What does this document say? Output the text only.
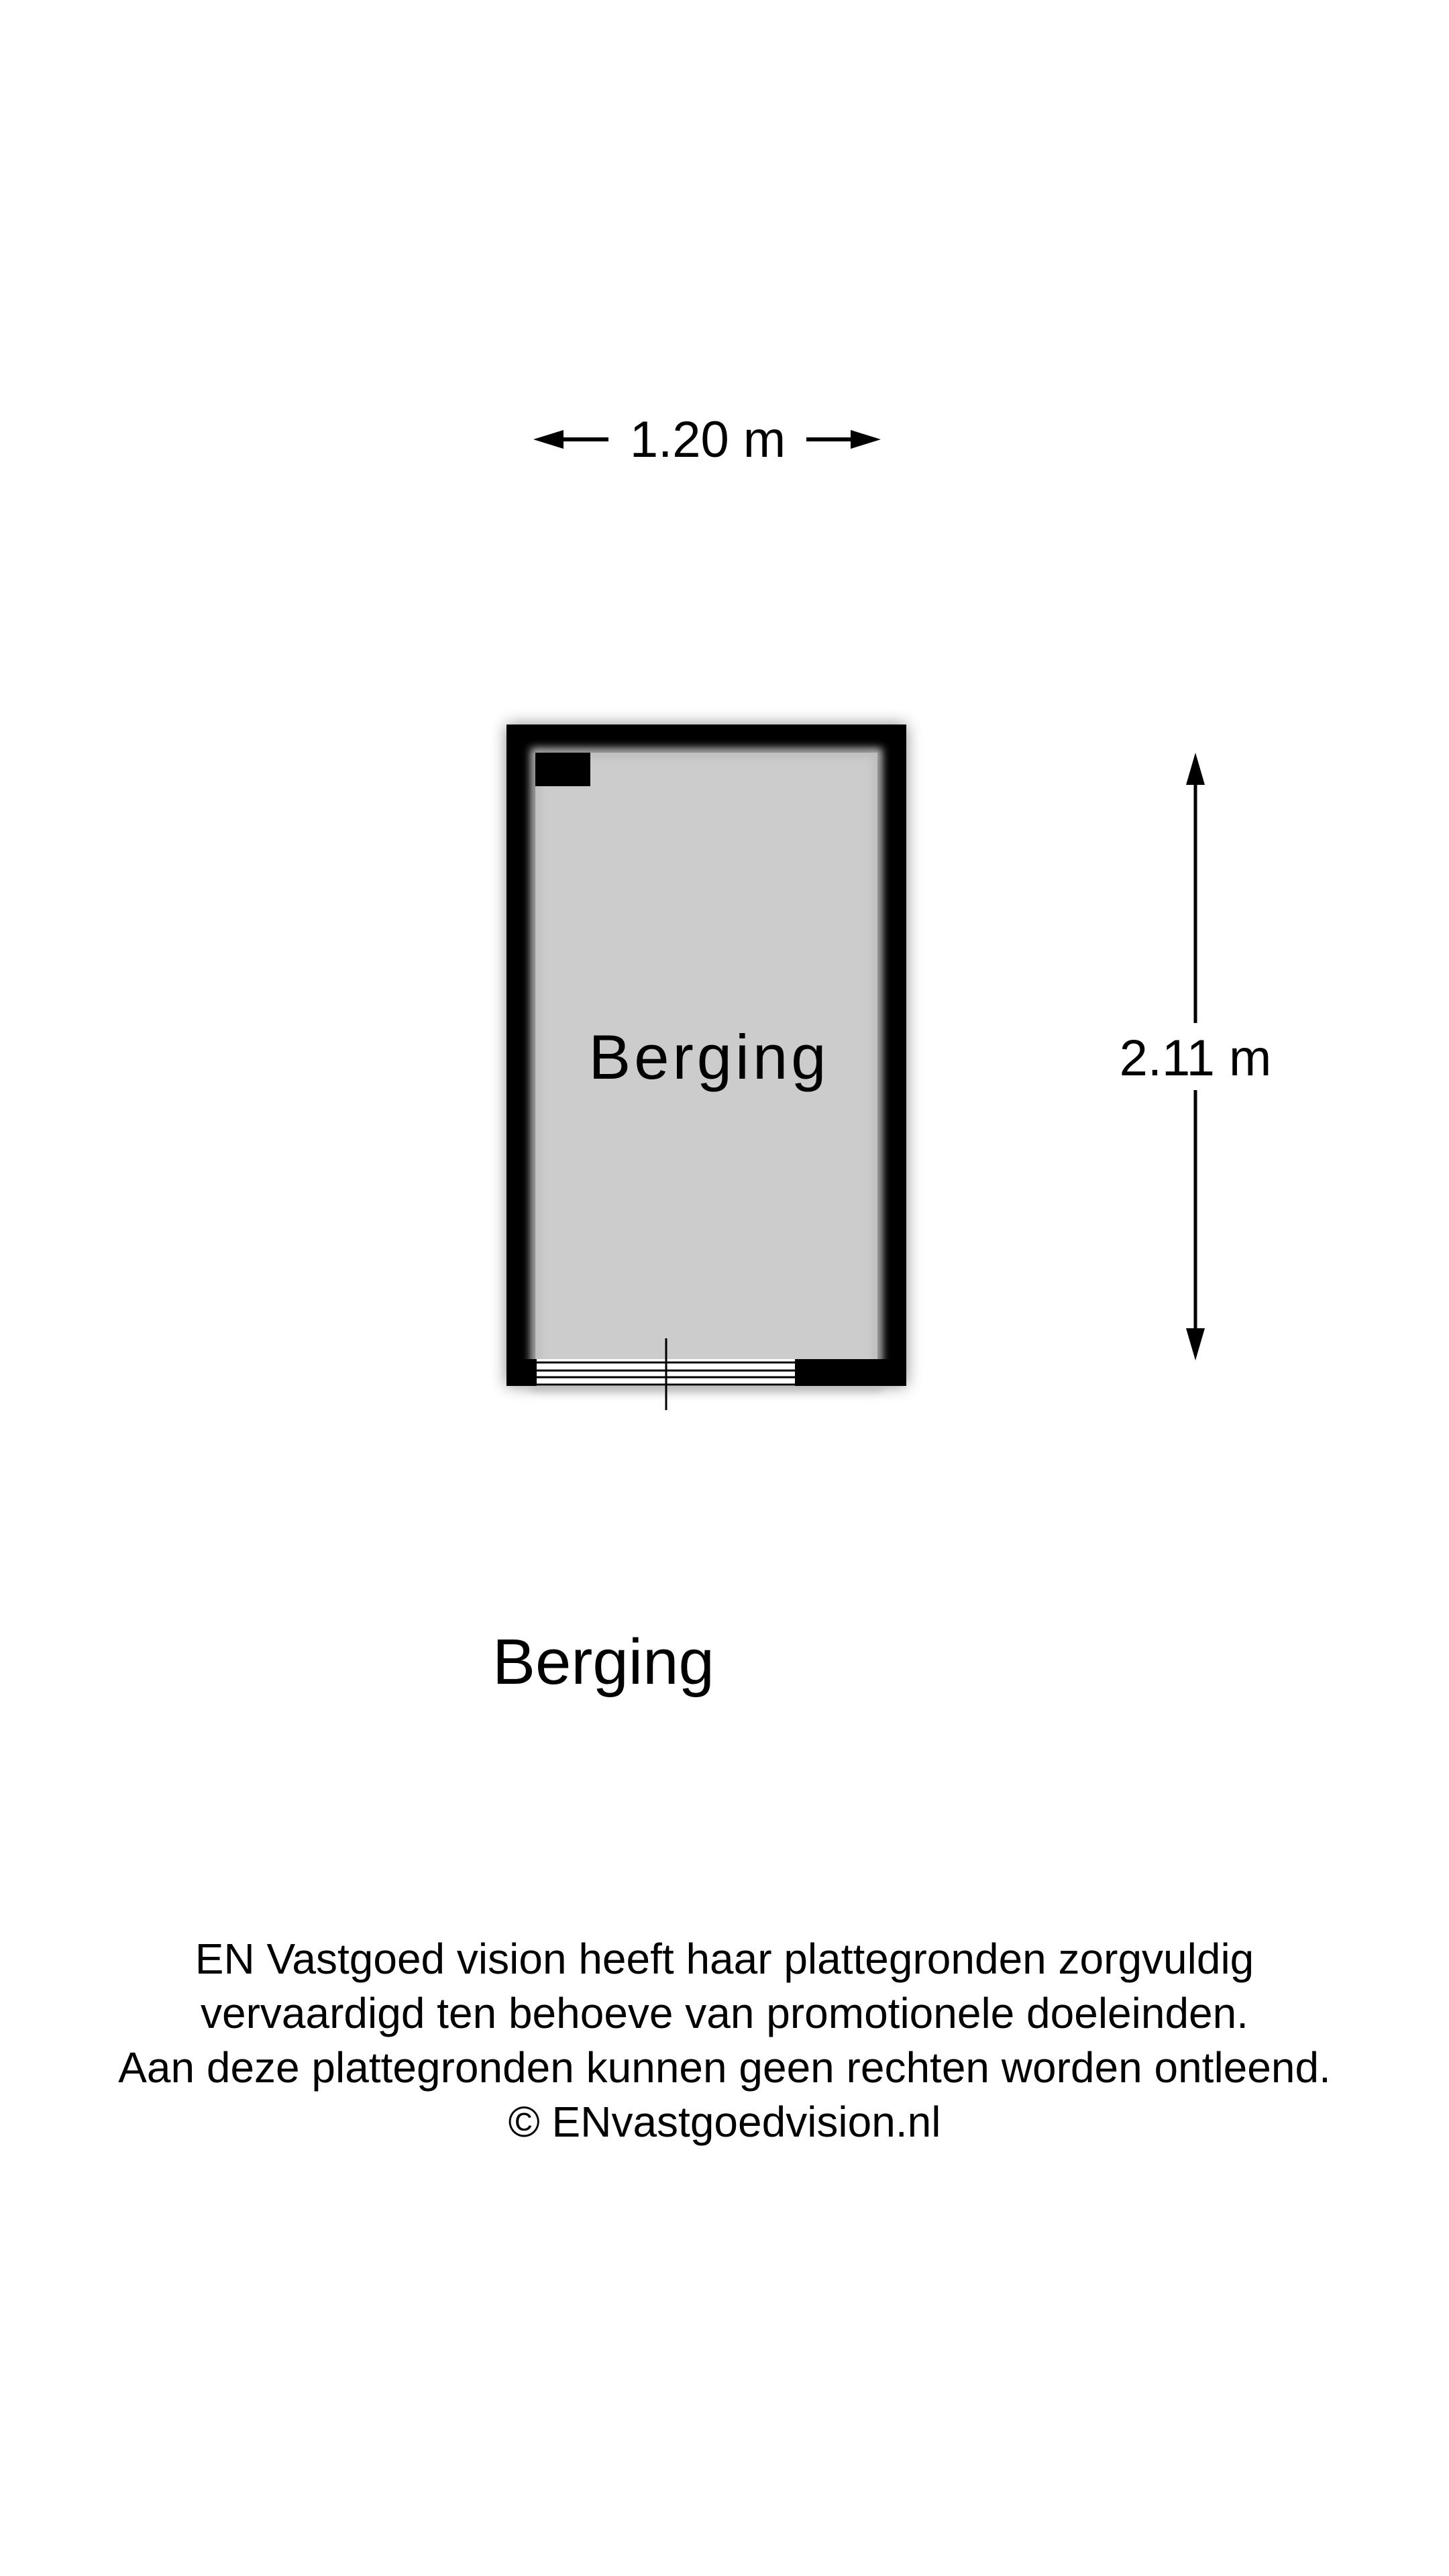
1.20 m
Berging	2.11 m
Berging
EN Vastgoed vision heeft haar plattegronden zorgvuldig
vervaardigd ten behoeve van promotionele doeleinden.
Aan deze plattegronden kunnen geen rechten worden ontleend.
© ENvastgoedvision.nl
